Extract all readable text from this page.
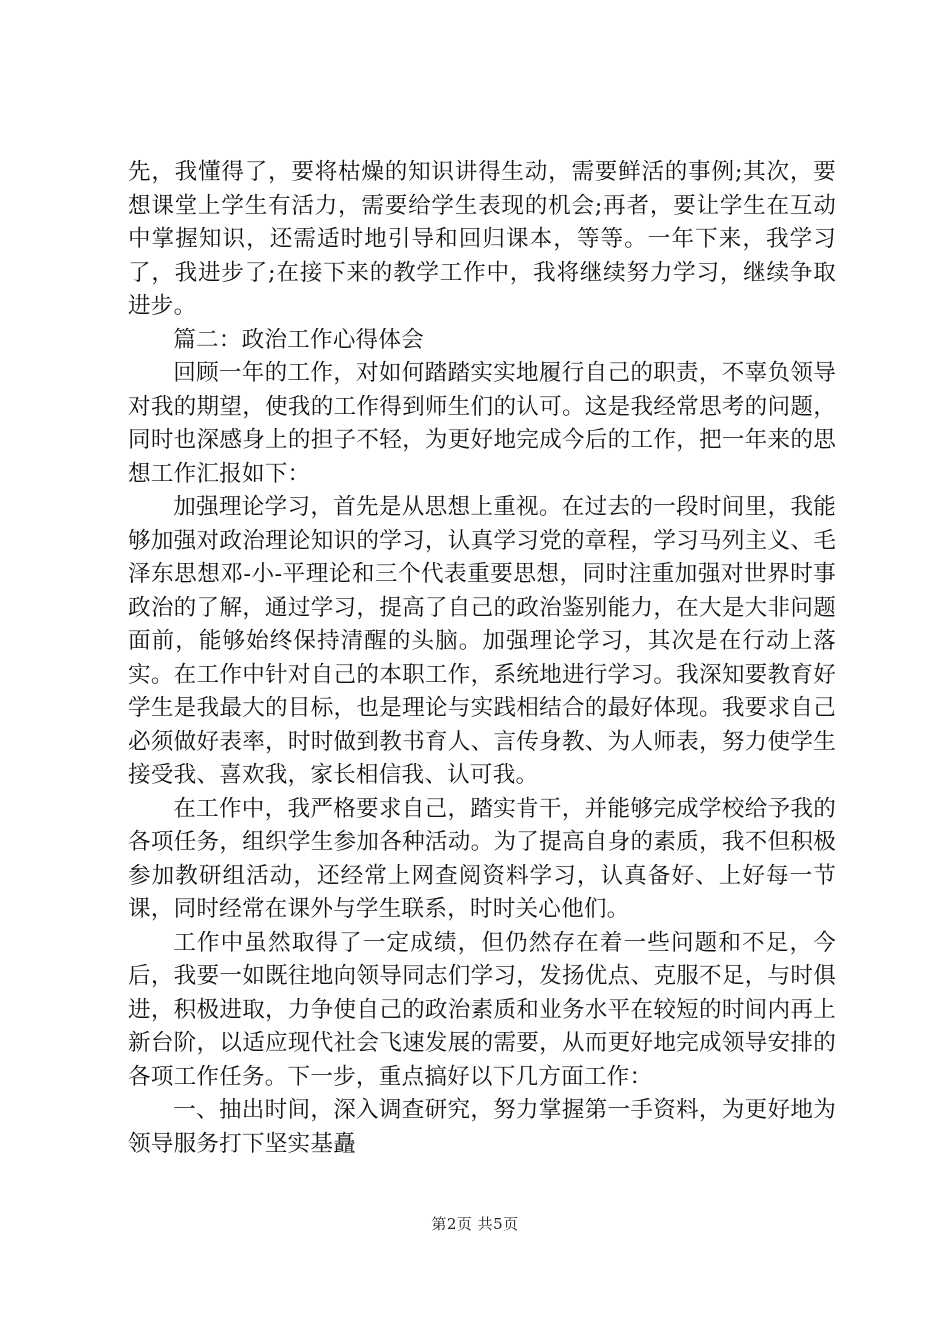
先，我懂得了，要将枯燥的知识讲得生动，需要鲜活的事例;其次，要想课堂上学生有活力，需要给学生表现的机会;再者，要让学生在互动中掌握知识，还需适时地引导和回归课本，等等。一年下来，我学习了，我进步了;在接下来的教学工作中，我将继续努力学习，继续争取进步。

篇二：政治工作心得体会

回顾一年的工作，对如何踏踏实实地履行自己的职责，不辜负领导对我的期望，使我的工作得到师生们的认可。这是我经常思考的问题，同时也深感身上的担子不轻，为更好地完成今后的工作，把一年来的思想工作汇报如下：

加强理论学习，首先是从思想上重视。在过去的一段时间里，我能够加强对政治理论知识的学习，认真学习党的章程，学习马列主义、毛泽东思想邓-小-平理论和三个代表重要思想，同时注重加强对世界时事政治的了解，通过学习，提高了自己的政治鉴别能力，在大是大非问题面前，能够始终保持清醒的头脑。加强理论学习，其次是在行动上落实。在工作中针对自己的本职工作，系统地进行学习。我深知要教育好学生是我最大的目标，也是理论与实践相结合的最好体现。我要求自己必须做好表率，时时做到教书育人、言传身教、为人师表，努力使学生接受我、喜欢我，家长相信我、认可我。

在工作中，我严格要求自己，踏实肯干，并能够完成学校给予我的各项任务，组织学生参加各种活动。为了提高自身的素质，我不但积极参加教研组活动，还经常上网查阅资料学习，认真备好、上好每一节课，同时经常在课外与学生联系，时时关心他们。

工作中虽然取得了一定成绩，但仍然存在着一些问题和不足，今后，我要一如既往地向领导同志们学习，发扬优点、克服不足，与时俱进，积极进取，力争使自己的政治素质和业务水平在较短的时间内再上新台阶，以适应现代社会飞速发展的需要，从而更好地完成领导安排的各项工作任务。下一步，重点搞好以下几方面工作：

一、抽出时间，深入调查研究，努力掌握第一手资料，为更好地为领导服务打下坚实基矗

第2页 共5页
